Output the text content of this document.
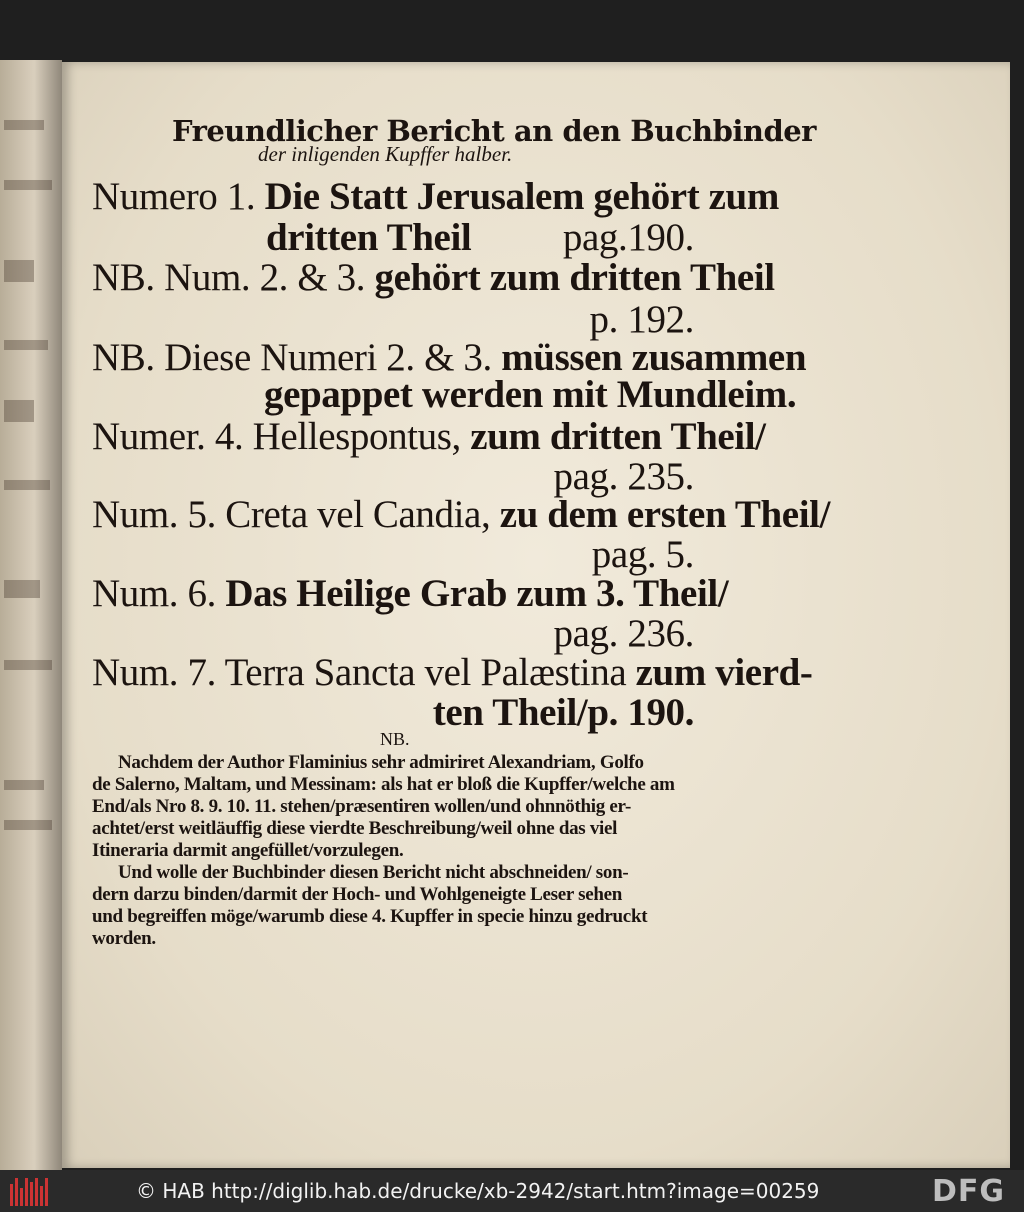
Freundlicher Bericht an den Buchbinder
der inligenden Kupffer halber.
Numero 1. Die Statt Jerusalem gehört zum
dritten Theil pag.190.
NB. Num. 2. & 3. gehört zum dritten Theil
p. 192.
NB. Diese Numeri 2. & 3. müssen zusammen
gepappet werden mit Mundleim.
Numer. 4. Hellespontus, zum dritten Theil/
pag. 235.
Num. 5. Creta vel Candia, zu dem ersten Theil/
pag. 5.
Num. 6. Das Heilige Grab zum 3. Theil/
pag. 236.
Num. 7. Terra Sancta vel Palæstina zum vierd-
ten Theil/p. 190.
NB.
Nachdem der Author Flaminius sehr admiriret Alexandriam, Golfo
de Salerno, Maltam, und Messinam: als hat er bloß die Kupffer/welche am
End/als Nro 8. 9. 10. 11. stehen/præsentiren wollen/und ohnnöthig er-
achtet/erst weitläuffig diese vierdte Beschreibung/weil ohne das viel
Itineraria darmit angefüllet/vorzulegen.
Und wolle der Buchbinder diesen Bericht nicht abschneiden/ son-
dern darzu binden/darmit der Hoch- und Wohlgeneigte Leser sehen
und begreiffen möge/warumb diese 4. Kupffer in specie hinzu gedruckt
worden.
© HAB http://diglib.hab.de/drucke/xb-2942/start.htm?image=00259	DFG
